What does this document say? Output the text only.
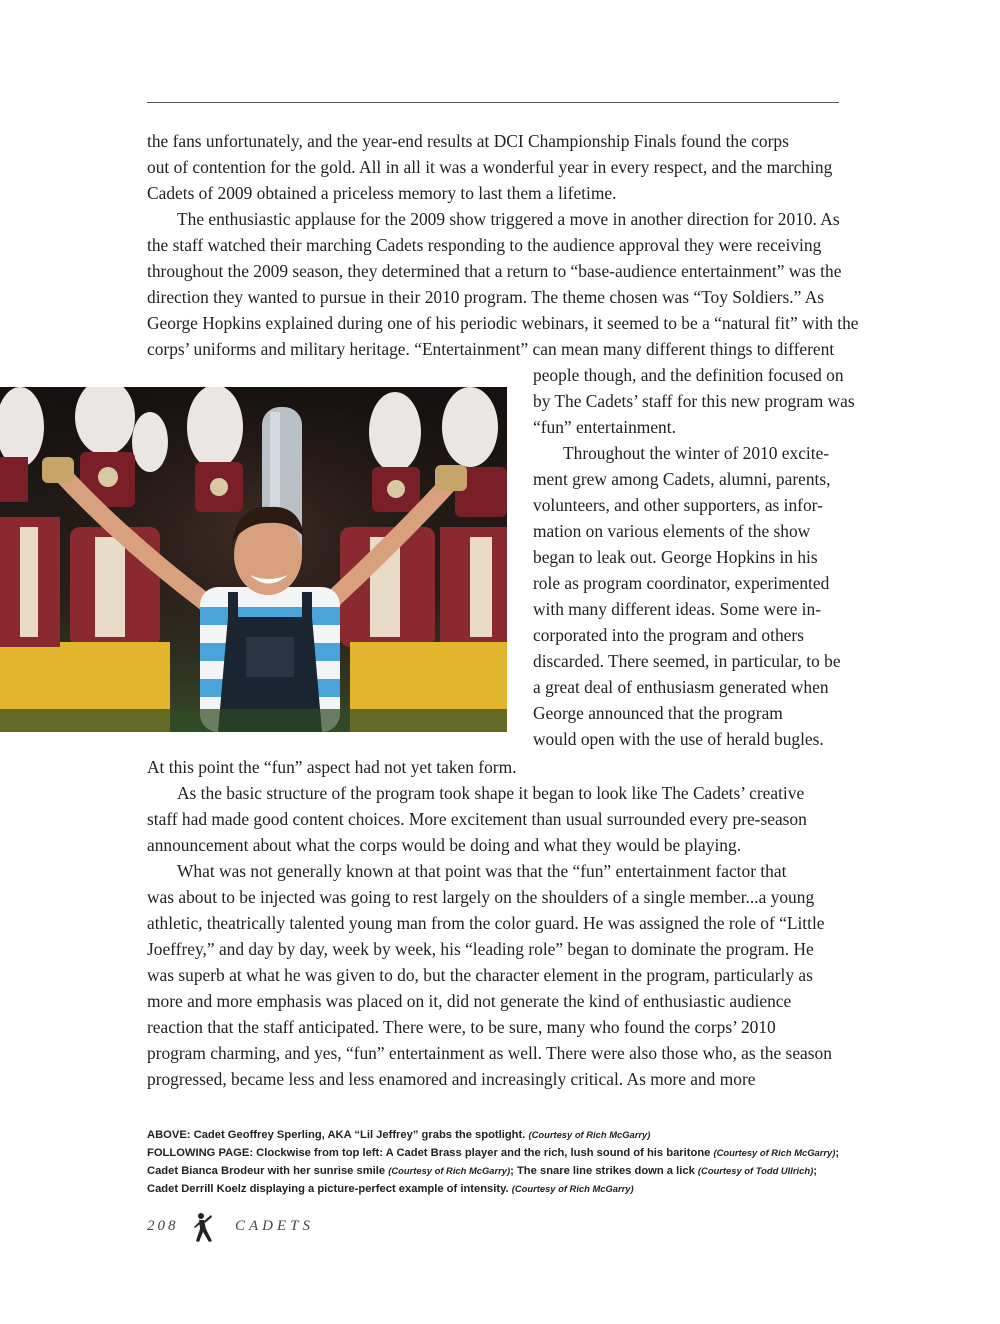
the fans unfortunately, and the year-end results at DCI Championship Finals found the corps
out of contention for the gold. All in all it was a wonderful year in every respect, and the marching
Cadets of 2009 obtained a priceless memory to last them a lifetime.
The enthusiastic applause for the 2009 show triggered a move in another direction for 2010. As
the staff watched their marching Cadets responding to the audience approval they were receiving
throughout the 2009 season, they determined that a return to “base-audience entertainment” was the
direction they wanted to pursue in their 2010 program. The theme chosen was “Toy Soldiers.” As
George Hopkins explained during one of his periodic webinars, it seemed to be a “natural fit” with the
corps’ uniforms and military heritage. “Entertainment” can mean many different things to different
people though, and the definition focused on
by The Cadets’ staff for this new program was
“fun” entertainment.
Throughout the winter of 2010 excite-
ment grew among Cadets, alumni, parents,
volunteers, and other supporters, as infor-
mation on various elements of the show
began to leak out. George Hopkins in his
role as program coordinator, experimented
with many different ideas. Some were in-
corporated into the program and others
discarded. There seemed, in particular, to be
a great deal of enthusiasm generated when
George announced that the program
would open with the use of herald bugles.
At this point the “fun” aspect had not yet taken form.
As the basic structure of the program took shape it began to look like The Cadets’ creative
staff had made good content choices. More excitement than usual surrounded every pre-season
announcement about what the corps would be doing and what they would be playing.
What was not generally known at that point was that the “fun” entertainment factor that
was about to be injected was going to rest largely on the shoulders of a single member...a young
athletic, theatrically talented young man from the color guard. He was assigned the role of “Little
Joeffrey,” and day by day, week by week, his “leading role” began to dominate the program. He
was superb at what he was given to do, but the character element in the program, particularly as
more and more emphasis was placed on it, did not generate the kind of enthusiastic audience
reaction that the staff anticipated. There were, to be sure, many who found the corps’ 2010
program charming, and yes, “fun” entertainment as well. There were also those who, as the season
progressed, became less and less enamored and increasingly critical. As more and more
ABOVE: Cadet Geoffrey Sperling, AKA “Lil Jeffrey” grabs the spotlight. (Courtesy of Rich McGarry)
FOLLOWING PAGE: Clockwise from top left: A Cadet Brass player and the rich, lush sound of his baritone (Courtesy of Rich McGarry);
Cadet Bianca Brodeur with her sunrise smile (Courtesy of Rich McGarry); The snare line strikes down a lick (Courtesy of Todd Ullrich);
Cadet Derrill Koelz displaying a picture-perfect example of intensity. (Courtesy of Rich McGarry)
208	CADETS
